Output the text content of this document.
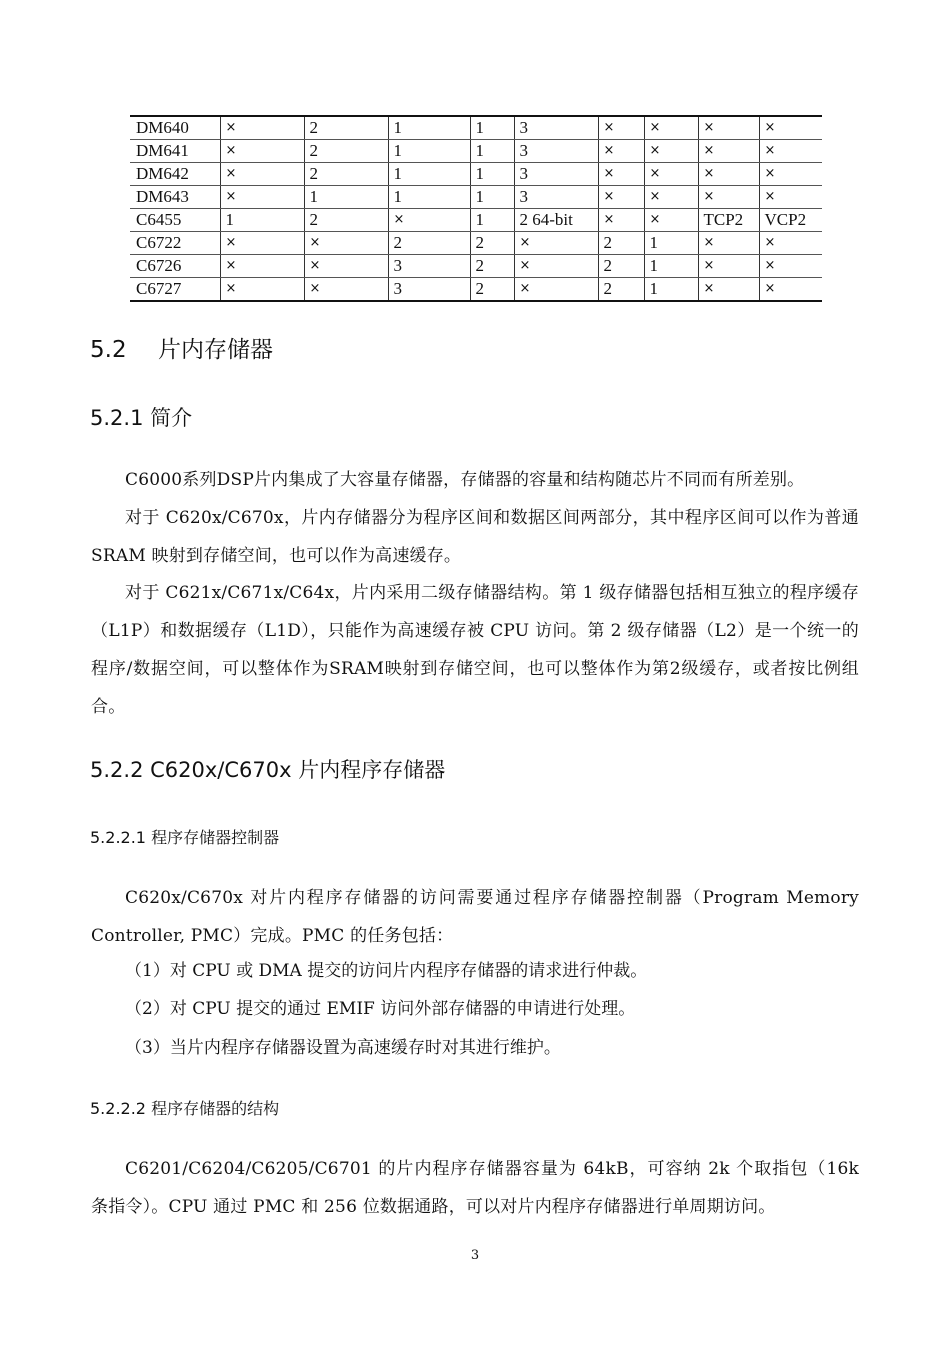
DM640	×	2	1	1	3	×	×	×	×
DM641	×	2	1	1	3	×	×	×	×
DM642	×	2	1	1	3	×	×	×	×
DM643	×	1	1	1	3	×	×	×	×
C6455	1	2	×	1	2 64-bit	×	×	TCP2	VCP2
C6722	×	×	2	2	×	2	1	×	×
C6726	×	×	3	2	×	2	1	×	×
C6727	×	×	3	2	×	2	1	×	×
5.2 片内存储器
5.2.1 简介
C6000系列DSP片内集成了大容量存储器，存储器的容量和结构随芯片不同而有所差别。
对于 C620x/C670x，片内存储器分为程序区间和数据区间两部分，其中程序区间可以作为普通 SRAM 映射到存储空间，也可以作为高速缓存。
对于 C621x/C671x/C64x，片内采用二级存储器结构。第 1 级存储器包括相互独立的程序缓存（L1P）和数据缓存（L1D），只能作为高速缓存被 CPU 访问。第 2 级存储器（L2）是一个统一的程序/数据空间，可以整体作为SRAM映射到存储空间，也可以整体作为第2级缓存，或者按比例组合。
5.2.2 C620x/C670x 片内程序存储器
5.2.2.1 程序存储器控制器
C620x/C670x 对片内程序存储器的访问需要通过程序存储器控制器（Program Memory Controller, PMC）完成。PMC 的任务包括：
（1）对 CPU 或 DMA 提交的访问片内程序存储器的请求进行仲裁。
（2）对 CPU 提交的通过 EMIF 访问外部存储器的申请进行处理。
（3）当片内程序存储器设置为高速缓存时对其进行维护。
5.2.2.2 程序存储器的结构
C6201/C6204/C6205/C6701 的片内程序存储器容量为 64kB，可容纳 2k 个取指包（16k 条指令）。CPU 通过 PMC 和 256 位数据通路，可以对片内程序存储器进行单周期访问。
3
